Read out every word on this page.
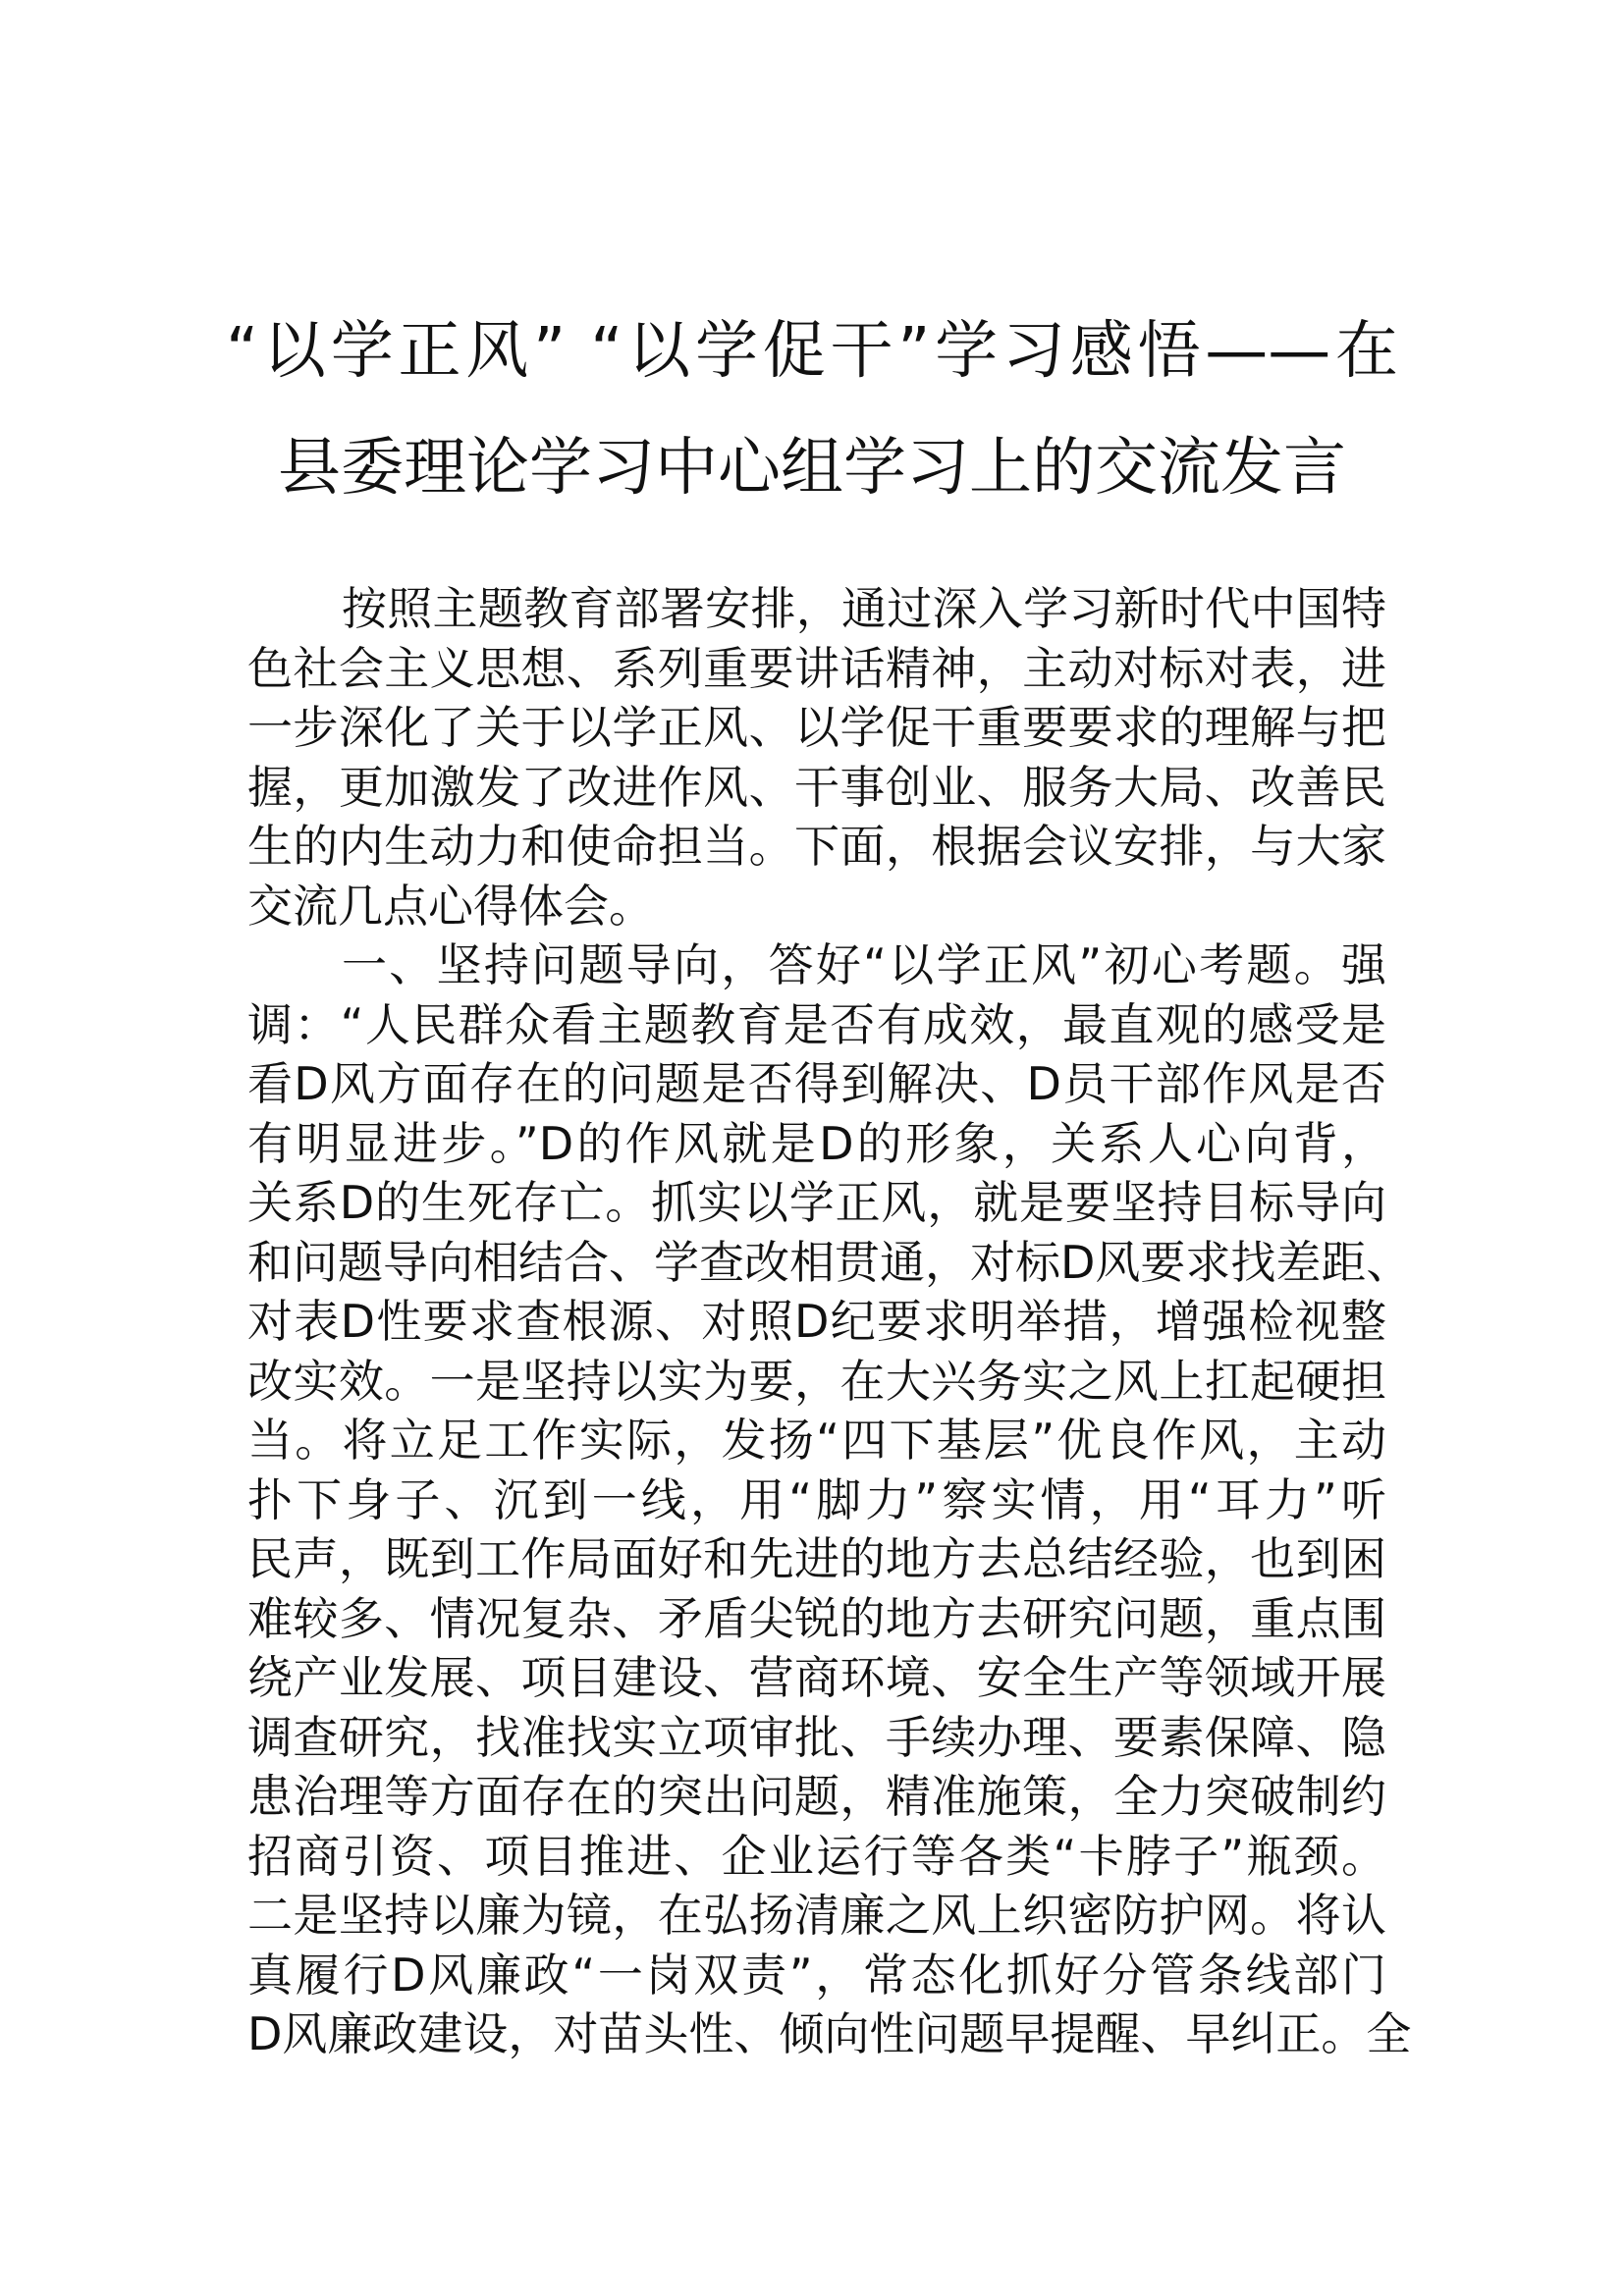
“以学正风” “以学促干”学习感悟——在
县委理论学习中心组学习上的交流发言
按照主题教育部署安排，通过深入学习新时代中国特
色社会主义思想、系列重要讲话精神，主动对标对表，进
一步深化了关于以学正风、以学促干重要要求的理解与把
握，更加激发了改进作风、干事创业、服务大局、改善民
生的内生动力和使命担当。下面，根据会议安排，与大家
交流几点心得体会。
一、坚持问题导向，答好“以学正风”初心考题。强
调：“人民群众看主题教育是否有成效，最直观的感受是
看D风方面存在的问题是否得到解决、D员干部作风是否
有明显进步。”D的作风就是D的形象，关系人心向背，
关系D的生死存亡。抓实以学正风，就是要坚持目标导向
和问题导向相结合、学查改相贯通，对标D风要求找差距、
对表D性要求查根源、对照D纪要求明举措，增强检视整
改实效。一是坚持以实为要，在大兴务实之风上扛起硬担
当。将立足工作实际，发扬“四下基层”优良作风，主动
扑下身子、沉到一线，用“脚力”察实情，用“耳力”听
民声，既到工作局面好和先进的地方去总结经验，也到困
难较多、情况复杂、矛盾尖锐的地方去研究问题，重点围
绕产业发展、项目建设、营商环境、安全生产等领域开展
调查研究，找准找实立项审批、手续办理、要素保障、隐
患治理等方面存在的突出问题，精准施策，全力突破制约
招商引资、项目推进、企业运行等各类“卡脖子”瓶颈。
二是坚持以廉为镜，在弘扬清廉之风上织密防护网。将认
真履行D风廉政“一岗双责”，常态化抓好分管条线部门
D风廉政建设，对苗头性、倾向性问题早提醒、早纠正。全
